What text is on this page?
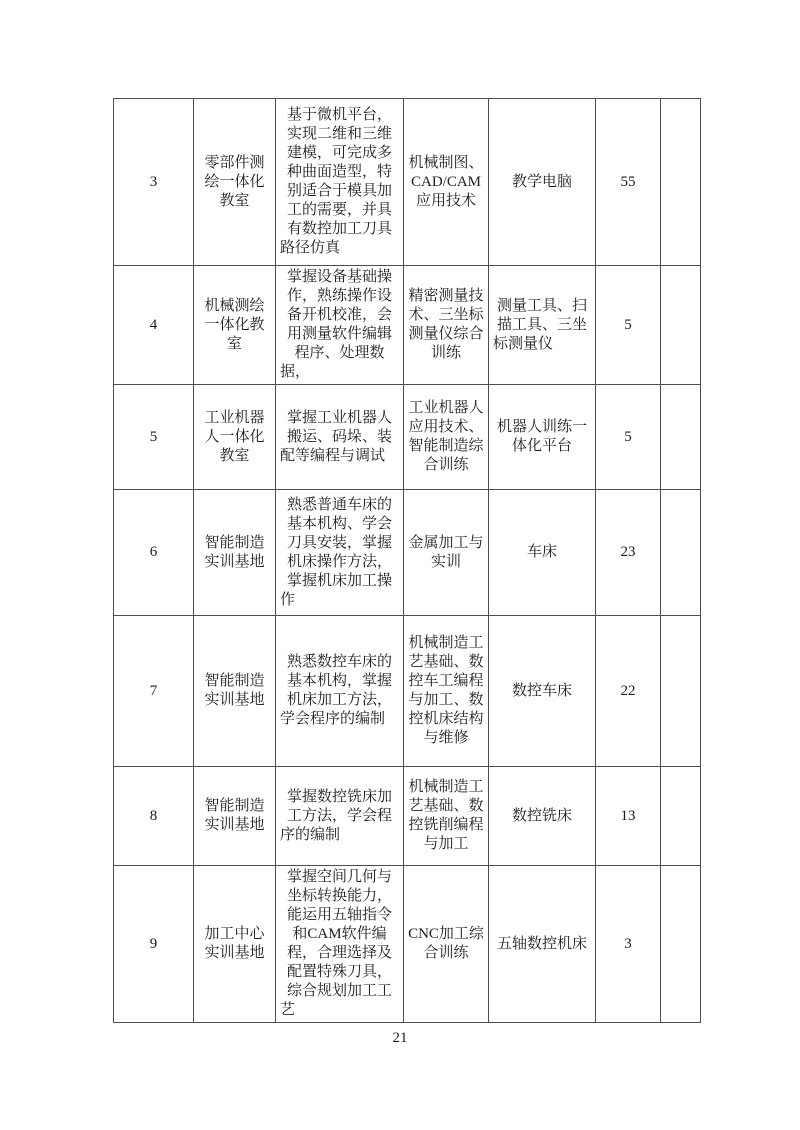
3	零部件测绘一体化教室	基于微机平台，实现二维和三维建模，可完成多种曲面造型，特别适合于模具加工的需要，并具有数控加工刀具路径仿真	机械制图、CAD/CAM应用技术	教学电脑	55	
4	机械测绘一体化教室	掌握设备基础操作，熟练操作设备开机校准，会用测量软件编辑程序、处理数据，	精密测量技术、三坐标测量仪综合训练	测量工具、扫描工具、三坐标测量仪	5	
5	工业机器人一体化教室	掌握工业机器人搬运、码垛、装配等编程与调试	工业机器人应用技术、智能制造综合训练	机器人训练一体化平台	5	
6	智能制造实训基地	熟悉普通车床的基本机构、学会刀具安装，掌握机床操作方法，掌握机床加工操作	金属加工与实训	车床	23	
7	智能制造实训基地	熟悉数控车床的基本机构，掌握机床加工方法，学会程序的编制	机械制造工艺基础、数控车工编程与加工、数控机床结构与维修	数控车床	22	
8	智能制造实训基地	掌握数控铣床加工方法，学会程序的编制	机械制造工艺基础、数控铣削编程与加工	数控铣床	13	
9	加工中心实训基地	掌握空间几何与坐标转换能力，能运用五轴指令和CAM软件编程，合理选择及配置特殊刀具，综合规划加工工艺	CNC加工综合训练	五轴数控机床	3	
21
